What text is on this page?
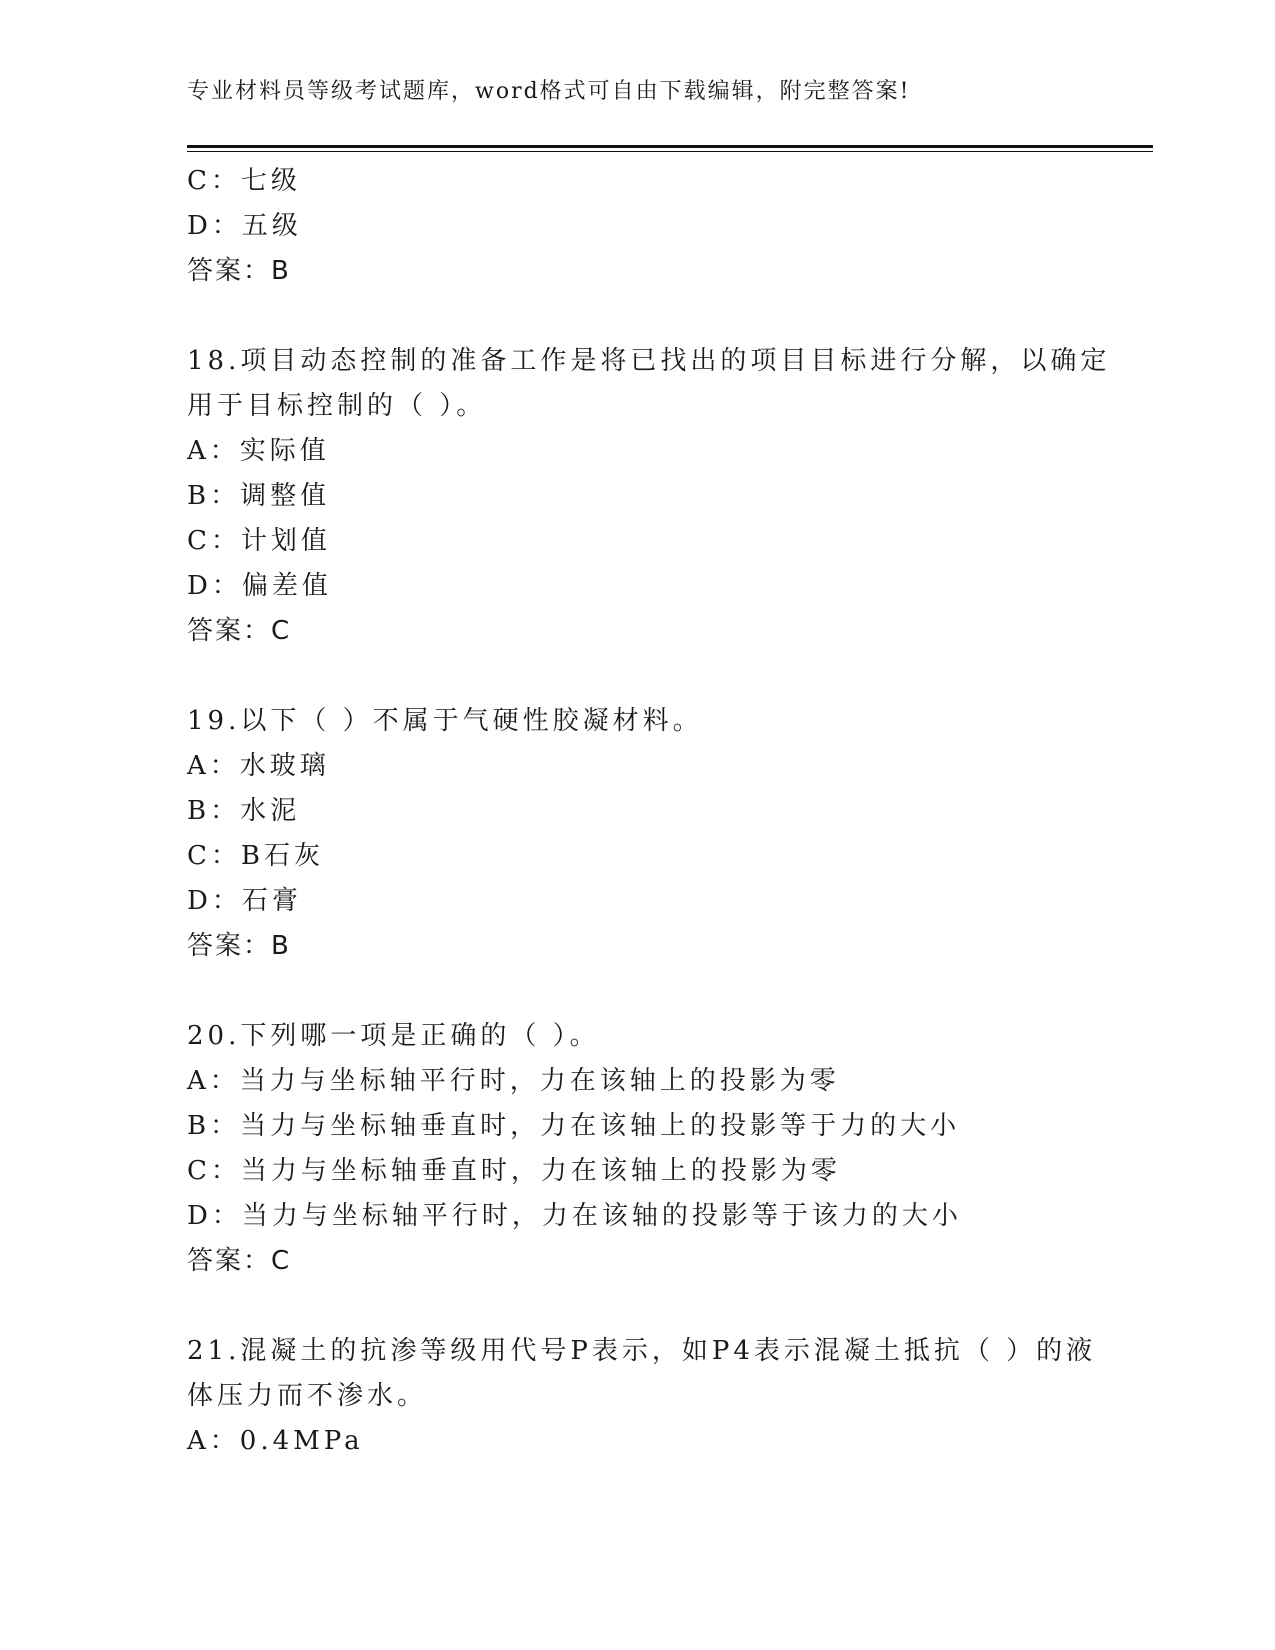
专业材料员等级考试题库，word格式可自由下载编辑，附完整答案!
C：七级
D：五级
答案：B
18.项目动态控制的准备工作是将已找出的项目目标进行分解，以确定
用于目标控制的（ ）。
A：实际值
B：调整值
C：计划值
D：偏差值
答案：C
19.以下（ ）不属于气硬性胶凝材料。
A：水玻璃
B：水泥
C：B石灰
D：石膏
答案：B
20.下列哪一项是正确的（ ）。
A：当力与坐标轴平行时，力在该轴上的投影为零
B：当力与坐标轴垂直时，力在该轴上的投影等于力的大小
C：当力与坐标轴垂直时，力在该轴上的投影为零
D：当力与坐标轴平行时，力在该轴的投影等于该力的大小
答案：C
21.混凝土的抗渗等级用代号P表示，如P4表示混凝土抵抗（ ）的液
体压力而不渗水。
A：0.4MPa
